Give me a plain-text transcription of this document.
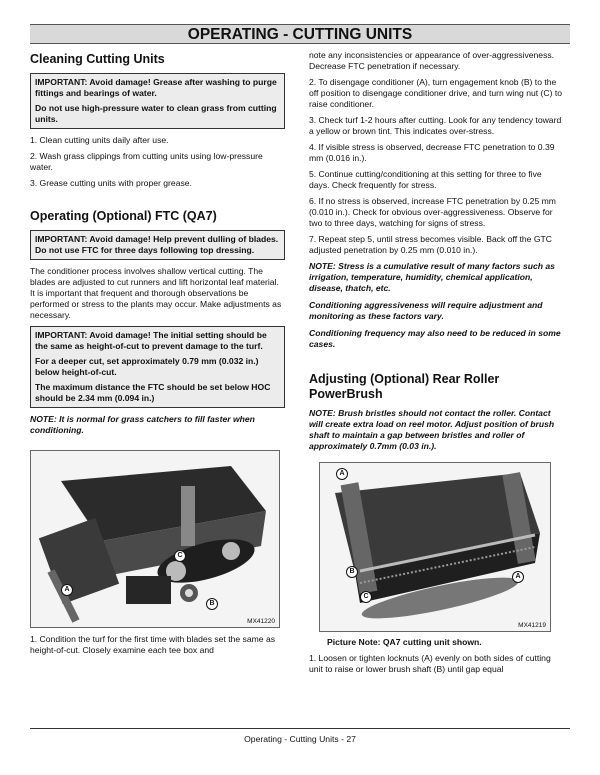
OPERATING - CUTTING UNITS
Cleaning Cutting Units

IMPORTANT: Avoid damage! Grease after washing to purge fittings and bearings of water.

Do not use high-pressure water to clean grass from cutting units.

1. Clean cutting units daily after use.

2. Wash grass clippings from cutting units using low-pressure water.

3. Grease cutting units with proper grease.

Operating (Optional) FTC (QA7)

IMPORTANT: Avoid damage! Help prevent dulling of blades. Do not use FTC for three days following top dressing.

The conditioner process involves shallow vertical cutting. The blades are adjusted to cut runners and lift horizontal leaf material. It is important that frequent and thorough observations be performed or stress to the plants may occur. Make adjustments as necessary.

IMPORTANT: Avoid damage! The initial setting should be the same as height-of-cut to prevent damage to the turf.

For a deeper cut, set approximately 0.79 mm (0.032 in.) below height-of-cut.

The maximum distance the FTC should be set below HOC should be 2.34 mm (0.094 in.)

NOTE: It is normal for grass catchers to fill faster when conditioning.

A
B
C
MX41220

1. Condition the turf for the first time with blades set the same as height-of-cut. Closely examine each tee box and

note any inconsistencies or appearance of over-aggressiveness. Decrease FTC penetration if necessary.

2. To disengage conditioner (A), turn engagement knob (B) to the off position to disengage conditioner drive, and turn wing nut (C) to raise conditioner.

3. Check turf 1-2 hours after cutting. Look for any tendency toward a yellow or brown tint. This indicates over-stress.

4. If visible stress is observed, decrease FTC penetration to 0.39 mm (0.016 in.).

5. Continue cutting/conditioning at this setting for three to five days. Check frequently for stress.

6. If no stress is observed, increase FTC penetration by 0.25 mm (0.010 in.). Check for obvious over-aggressiveness. Observe for two to three days, watching for signs of stress.

7. Repeat step 5, until stress becomes visible. Back off the GTC adjusted penetration by 0.25 mm (0.010 in.).

NOTE: Stress is a cumulative result of many factors such as irrigation, temperature, humidity, chemical application, disease, thatch, etc.

Conditioning aggressiveness will require adjustment and monitoring as these factors vary.

Conditioning frequency may also need to be reduced in some cases.

Adjusting (Optional) Rear Roller PowerBrush

NOTE: Brush bristles should not contact the roller. Contact will create extra load on reel motor. Adjust position of brush shaft to maintain a gap between bristles and roller of approximately 0.7mm (0.03 in.).

A
B
C
A
MX41219

Picture Note: QA7 cutting unit shown.

1. Loosen or tighten locknuts (A) evenly on both sides of cutting unit to raise or lower brush shaft (B) until gap equal

Operating - Cutting Units - 27
